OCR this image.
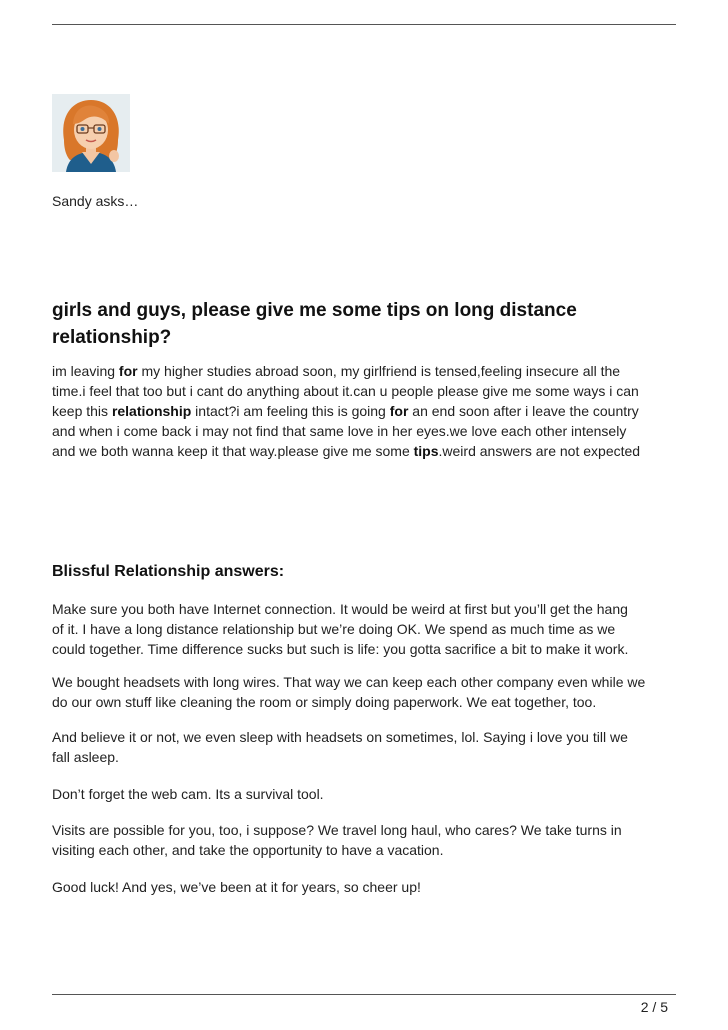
Sandy asks…
girls and guys, please give me some tips on long distance relationship?
im leaving for my higher studies abroad soon, my girlfriend is tensed,feeling insecure all the
time.i feel that too but i cant do anything about it.can u people please give me some ways i can
keep this relationship intact?i am feeling this is going for an end soon after i leave the country
and when i come back i may not find that same love in her eyes.we love each other intensely
and we both wanna keep it that way.please give me some tips.weird answers are not expected
Blissful Relationship answers:
Make sure you both have Internet connection. It would be weird at first but you’ll get the hang
of it. I have a long distance relationship but we’re doing OK. We spend as much time as we
could together. Time difference sucks but such is life: you gotta sacrifice a bit to make it work.
We bought headsets with long wires. That way we can keep each other company even while we
do our own stuff like cleaning the room or simply doing paperwork. We eat together, too.
And believe it or not, we even sleep with headsets on sometimes, lol. Saying i love you till we
fall asleep.
Don’t forget the web cam. Its a survival tool.
Visits are possible for you, too, i suppose? We travel long haul, who cares? We take turns in
visiting each other, and take the opportunity to have a vacation.
Good luck! And yes, we’ve been at it for years, so cheer up!
2 / 5
